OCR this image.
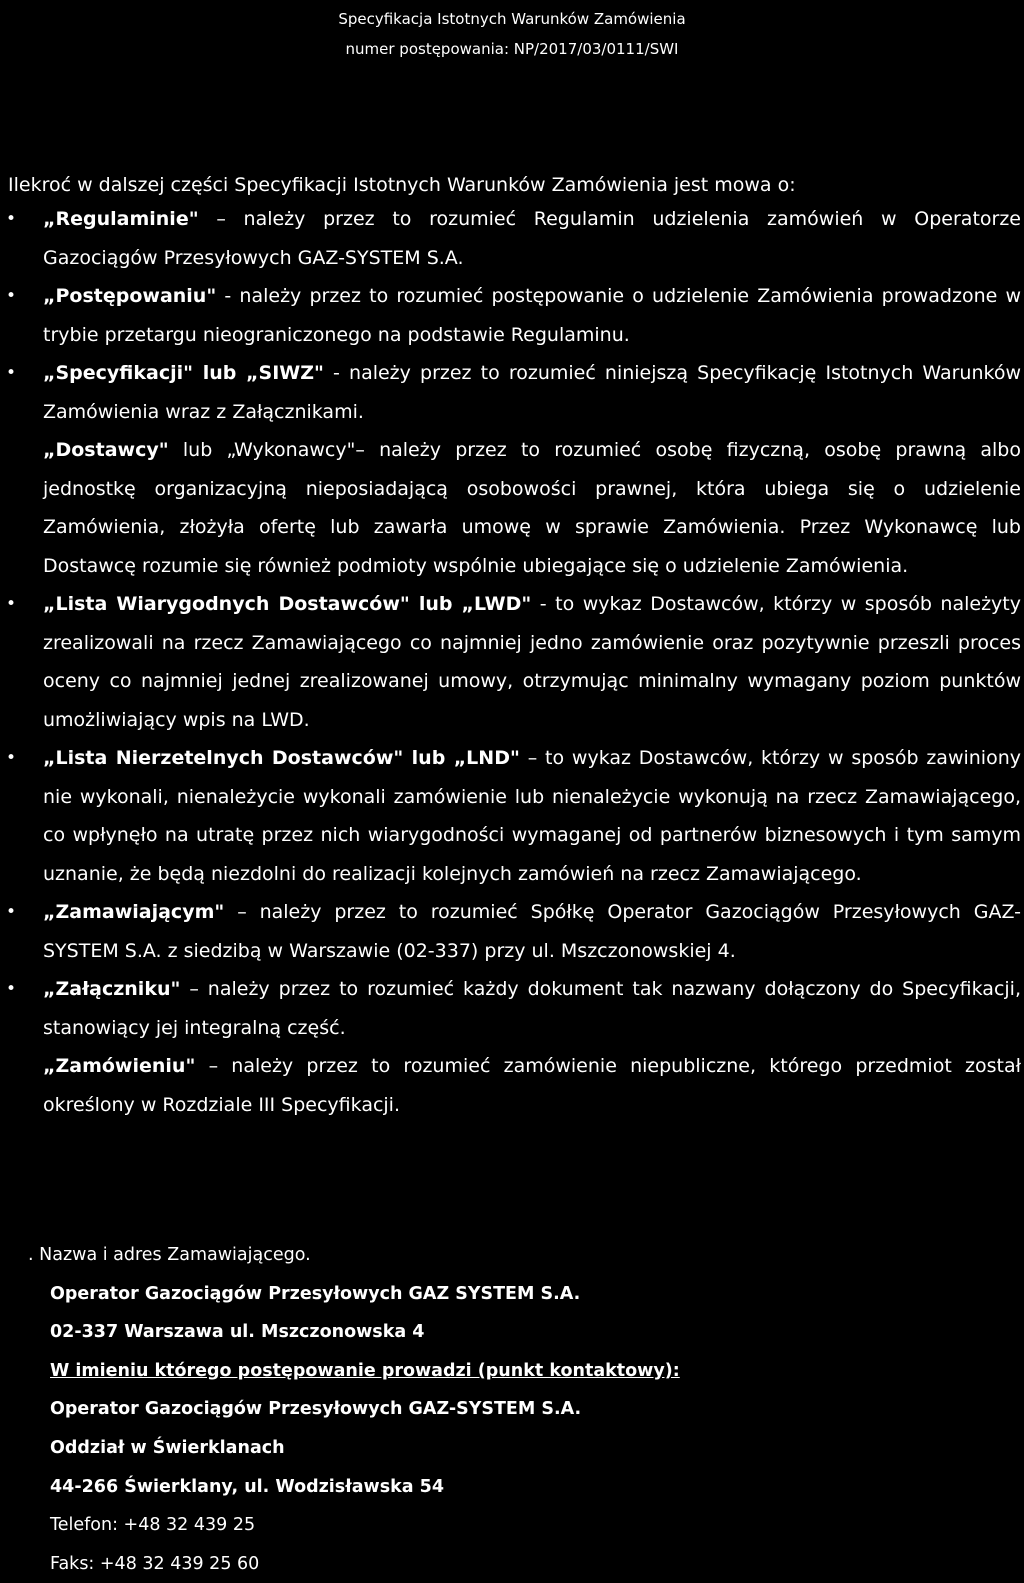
Specyfikacja Istotnych Warunków Zamówienia
numer postępowania: NP/2017/03/0111/SWI
Ilekroć w dalszej części Specyfikacji Istotnych Warunków Zamówienia jest mowa o:
• „Regulaminie" – należy przez to rozumieć Regulamin udzielenia zamówień w Operatorze Gazociągów Przesyłowych GAZ-SYSTEM S.A.
• „Postępowaniu" - należy przez to rozumieć postępowanie o udzielenie Zamówienia prowadzone w trybie przetargu nieograniczonego na podstawie Regulaminu.
• „Specyfikacji" lub „SIWZ" - należy przez to rozumieć niniejszą Specyfikację Istotnych Warunków Zamówienia wraz z Załącznikami.
„Dostawcy" lub „Wykonawcy"– należy przez to rozumieć osobę fizyczną, osobę prawną albo jednostkę organizacyjną nieposiadającą osobowości prawnej, która ubiega się o udzielenie Zamówienia, złożyła ofertę lub zawarła umowę w sprawie Zamówienia. Przez Wykonawcę lub Dostawcę rozumie się również podmioty wspólnie ubiegające się o udzielenie Zamówienia.
• „Lista Wiarygodnych Dostawców" lub „LWD" - to wykaz Dostawców, którzy w sposób należyty zrealizowali na rzecz Zamawiającego co najmniej jedno zamówienie oraz pozytywnie przeszli proces oceny co najmniej jednej zrealizowanej umowy, otrzymując minimalny wymagany poziom punktów umożliwiający wpis na LWD.
• „Lista Nierzetelnych Dostawców" lub „LND" – to wykaz Dostawców, którzy w sposób zawiniony nie wykonali, nienależycie wykonali zamówienie lub nienależycie wykonują na rzecz Zamawiającego, co wpłynęło na utratę przez nich wiarygodności wymaganej od partnerów biznesowych i tym samym uznanie, że będą niezdolni do realizacji kolejnych zamówień na rzecz Zamawiającego.
• „Zamawiającym" – należy przez to rozumieć Spółkę Operator Gazociągów Przesyłowych GAZ-SYSTEM S.A. z siedzibą w Warszawie (02-337) przy ul. Mszczonowskiej 4.
• „Załączniku" – należy przez to rozumieć każdy dokument tak nazwany dołączony do Specyfikacji, stanowiący jej integralną część.
„Zamówieniu" – należy przez to rozumieć zamówienie niepubliczne, którego przedmiot został określony w Rozdziale III Specyfikacji.
. Nazwa i adres Zamawiającego.
Operator Gazociągów Przesyłowych GAZ SYSTEM S.A.
02-337 Warszawa ul. Mszczonowska 4
W imieniu którego postępowanie prowadzi (punkt kontaktowy):
Operator Gazociągów Przesyłowych GAZ-SYSTEM S.A.
Oddział w Świerklanach
44-266 Świerklany, ul. Wodzisławska 54
Telefon: +48 32 439 25
Faks: +48 32 439 25 60
